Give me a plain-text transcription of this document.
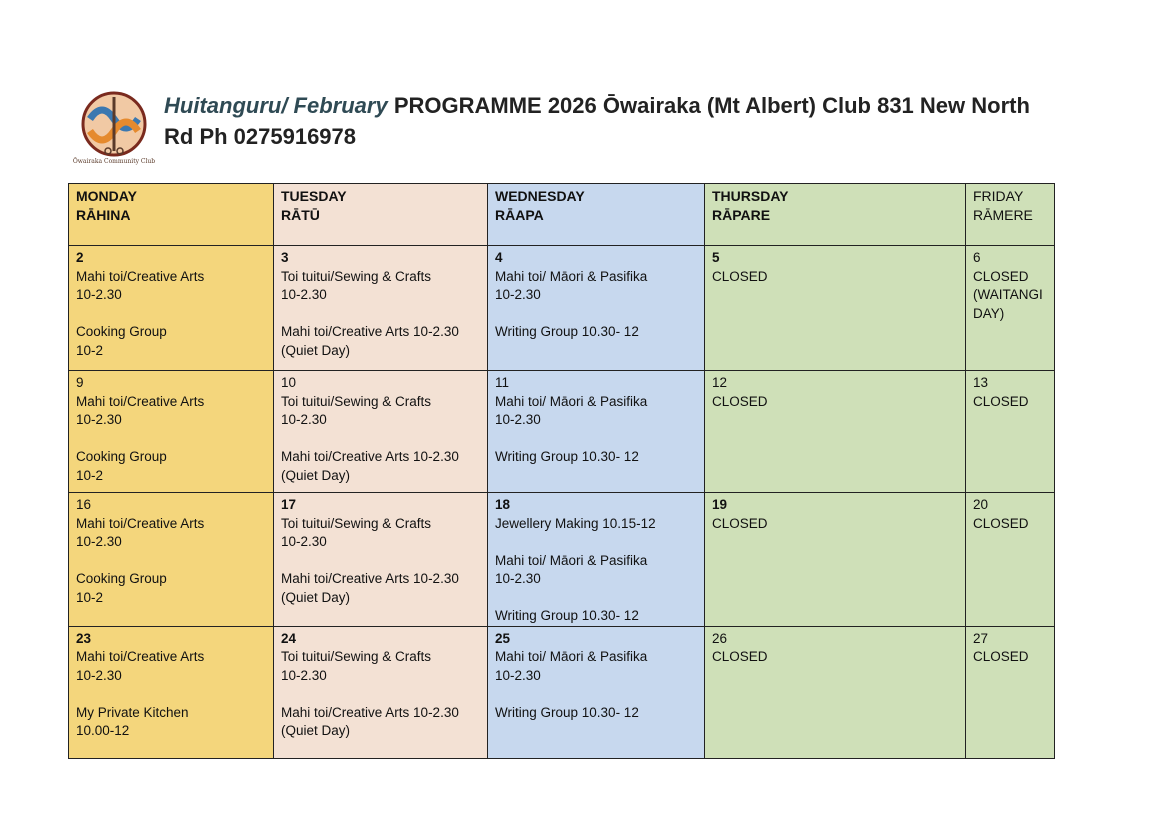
Ōwairaka Community Club
Huitanguru/ February PROGRAMME 2026 Ōwairaka (Mt Albert) Club 831 New North Rd Ph 0275916978
MONDAY
RĀHINA	TUESDAY
RĀTŪ	WEDNESDAY
RĀAPA	THURSDAY
RĀPARE	FRIDAY
RĀMERE

2
Mahi toi/Creative Arts
10-2.30
Cooking Group
10-2	3
Toi tuitui/Sewing & Crafts
10-2.30
Mahi toi/Creative Arts 10-2.30
(Quiet Day)	4
Mahi toi/ Māori & Pasifika
10-2.30
Writing Group 10.30- 12	5
CLOSED	6
CLOSED
(WAITANGI
DAY)

9
Mahi toi/Creative Arts
10-2.30
Cooking Group
10-2	10
Toi tuitui/Sewing & Crafts
10-2.30
Mahi toi/Creative Arts 10-2.30
(Quiet Day)	11
Mahi toi/ Māori & Pasifika
10-2.30
Writing Group 10.30- 12	12
CLOSED	13
CLOSED

16
Mahi toi/Creative Arts
10-2.30
Cooking Group
10-2	17
Toi tuitui/Sewing & Crafts
10-2.30
Mahi toi/Creative Arts 10-2.30
(Quiet Day)	18
Jewellery Making 10.15-12
Mahi toi/ Māori & Pasifika
10-2.30
Writing Group 10.30- 12	19
CLOSED	20
CLOSED

23
Mahi toi/Creative Arts
10-2.30
My Private Kitchen
10.00-12	24
Toi tuitui/Sewing & Crafts
10-2.30
Mahi toi/Creative Arts 10-2.30
(Quiet Day)	25
Mahi toi/ Māori & Pasifika
10-2.30
Writing Group 10.30- 12	26
CLOSED	27
CLOSED
